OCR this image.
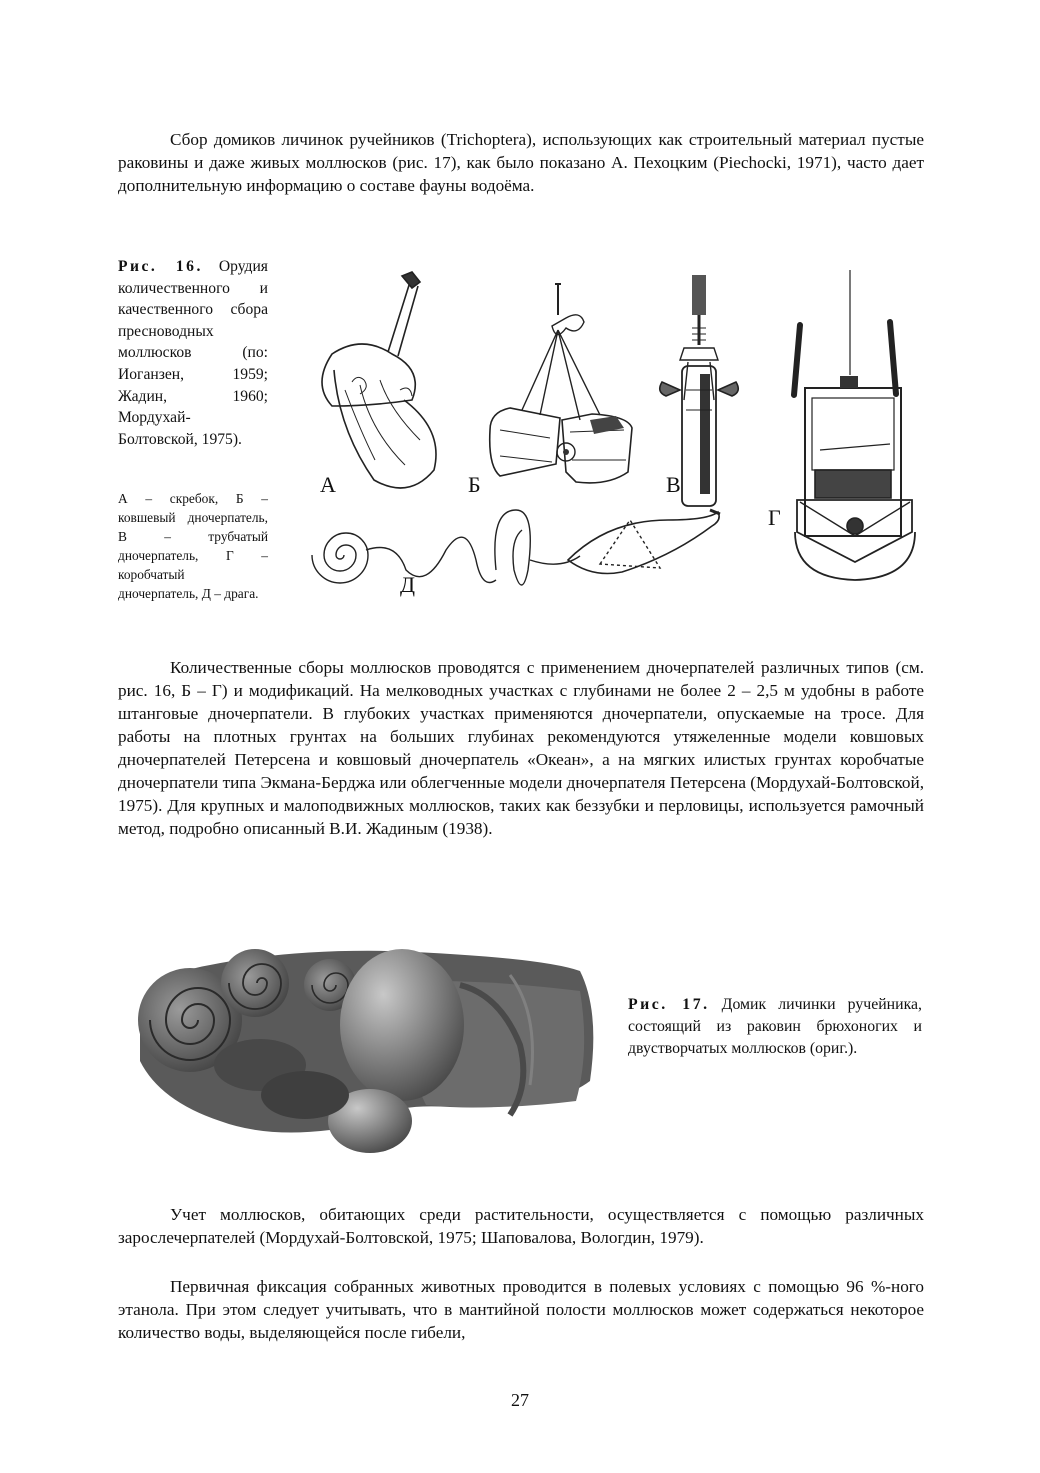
Сбор домиков личинок ручейников (Trichoptera), использующих как строительный материал пустые раковины и даже живых моллюсков (рис. 17), как было показано А. Пехоцким (Piechocki, 1971), часто дает дополнительную информацию о составе фауны водоёма.

Рис. 16. Орудия количественного и качественного сбора пресноводных моллюсков (по: Иоганзен, 1959; Жадин, 1960; Мордухай-Болтовской, 1975).

А – скребок, Б – ковшевый дночерпатель, В – трубчатый дночерпатель, Г – коробчатый дночерпатель, Д – драга.

А	Б	В
Г
Д

Количественные сборы моллюсков проводятся с применением дночерпателей различных типов (см. рис. 16, Б – Г) и модификаций. На мелководных участках с глубинами не более 2 – 2,5 м удобны в работе штанговые дночерпатели. В глубоких участках применяются дночерпатели, опускаемые на тросе. Для работы на плотных грунтах на больших глубинах рекомендуются утяжеленные модели ковшовых дночерпателей Петерсена и ковшовый дночерпатель «Океан», а на мягких илистых грунтах коробчатые дночерпатели типа Экмана-Берджа или облегченные модели дночерпателя Петерсена (Мордухай-Болтовской, 1975). Для крупных и малоподвижных моллюсков, таких как беззубки и перловицы, используется рамочный метод, подробно описанный В.И. Жадиным (1938).

Рис. 17. Домик личинки ручейника, состоящий из раковин брюхоногих и двустворчатых моллюсков (ориг.).

Учет моллюсков, обитающих среди растительности, осуществляется с помощью различных зарослечерпателей (Мордухай-Болтовской, 1975; Шаповалова, Вологдин, 1979).

Первичная фиксация собранных животных проводится в полевых условиях с помощью 96 %-ного этанола. При этом следует учитывать, что в мантийной полости моллюсков может содержаться некоторое количество воды, выделяющейся после гибели,

27
